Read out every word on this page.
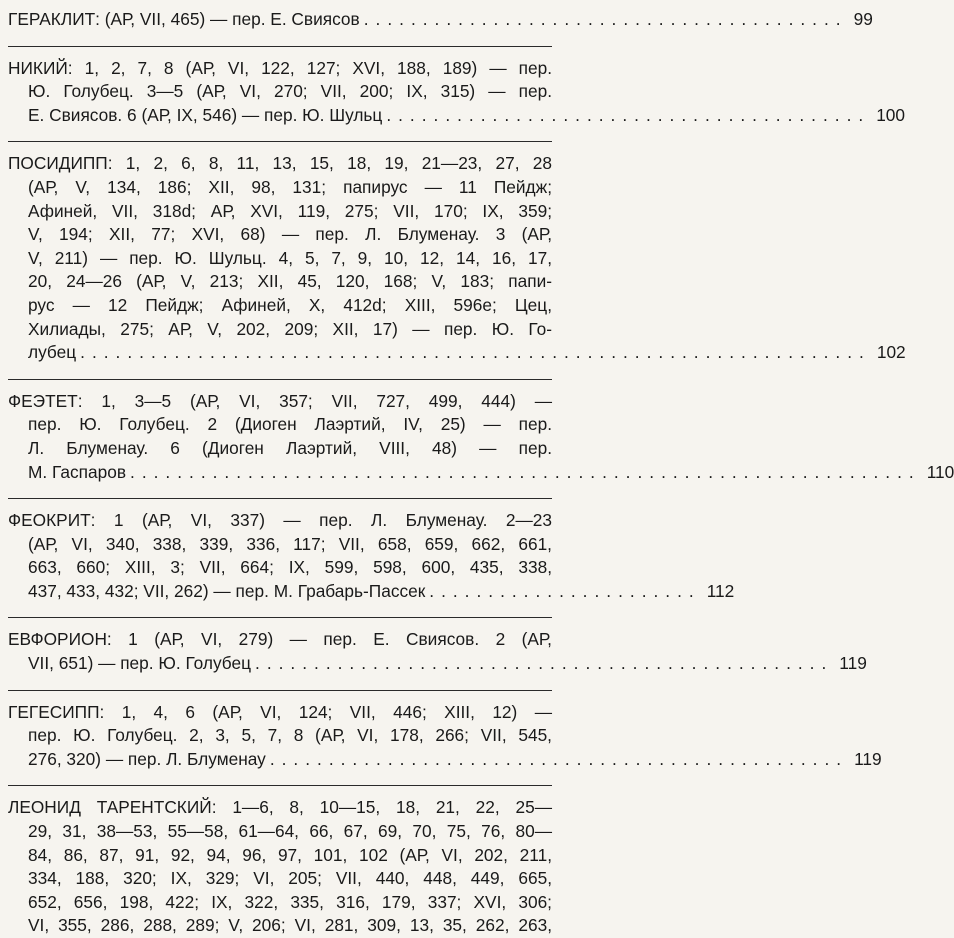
ГЕРАКЛИТ: (АР, VII, 465) — пер. Е. Свиясов ......................................... 99
НИКИЙ: 1, 2, 7, 8 (АР, VI, 122, 127; XVI, 188, 189) — пер.
Ю. Голубец. 3—5 (АР, VI, 270; VII, 200; IX, 315) — пер.
Е. Свиясов. 6 (АР, IX, 546) — пер. Ю. Шульц ......................................... 100
ПОСИДИПП: 1, 2, 6, 8, 11, 13, 15, 18, 19, 21—23, 27, 28
(АР, V, 134, 186; XII, 98, 131; папирус — 11 Пейдж;
Афиней, VII, 318d; АР, XVI, 119, 275; VII, 170; IX, 359;
V, 194; XII, 77; XVI, 68) — пер. Л. Блуменау. 3 (АР,
V, 211) — пер. Ю. Шульц. 4, 5, 7, 9, 10, 12, 14, 16, 17,
20, 24—26 (АР, V, 213; XII, 45, 120, 168; V, 183; папи-
рус — 12 Пейдж; Афиней, X, 412d; XIII, 596e; Цец,
Хилиады, 275; АР, V, 202, 209; XII, 17) — пер. Ю. Го-
лубец ................................................................... 102
ФЕЭТЕТ: 1, 3—5 (АР, VI, 357; VII, 727, 499, 444) —
пер. Ю. Голубец. 2 (Диоген Лаэртий, IV, 25) — пер.
Л. Блуменау. 6 (Диоген Лаэртий, VIII, 48) — пер.
М. Гаспаров ................................................................... 110
ФЕОКРИТ: 1 (АР, VI, 337) — пер. Л. Блуменау. 2—23
(АР, VI, 340, 338, 339, 336, 117; VII, 658, 659, 662, 661,
663, 660; XIII, 3; VII, 664; IX, 599, 598, 600, 435, 338,
437, 433, 432; VII, 262) — пер. М. Грабарь-Пассек ....................... 112
ЕВФОРИОН: 1 (АР, VI, 279) — пер. Е. Свиясов. 2 (АР,
VII, 651) — пер. Ю. Голубец ................................................. 119
ГЕГЕСИПП: 1, 4, 6 (АР, VI, 124; VII, 446; XIII, 12) —
пер. Ю. Голубец. 2, 3, 5, 7, 8 (АР, VI, 178, 266; VII, 545,
276, 320) — пер. Л. Блуменау ................................................. 119
ЛЕОНИД ТАРЕНТСКИЙ: 1—6, 8, 10—15, 18, 21, 22, 25—
29, 31, 38—53, 55—58, 61—64, 66, 67, 69, 70, 75, 76, 80—
84, 86, 87, 91, 92, 94, 96, 97, 101, 102 (АР, VI, 202, 211,
334, 188, 320; IX, 329; VI, 205; VII, 440, 448, 449, 665,
652, 656, 198, 422; IX, 322, 335, 316, 179, 337; XVI, 306;
VI, 355, 286, 288, 289; V, 206; VI, 281, 309, 13, 35, 262, 263,
